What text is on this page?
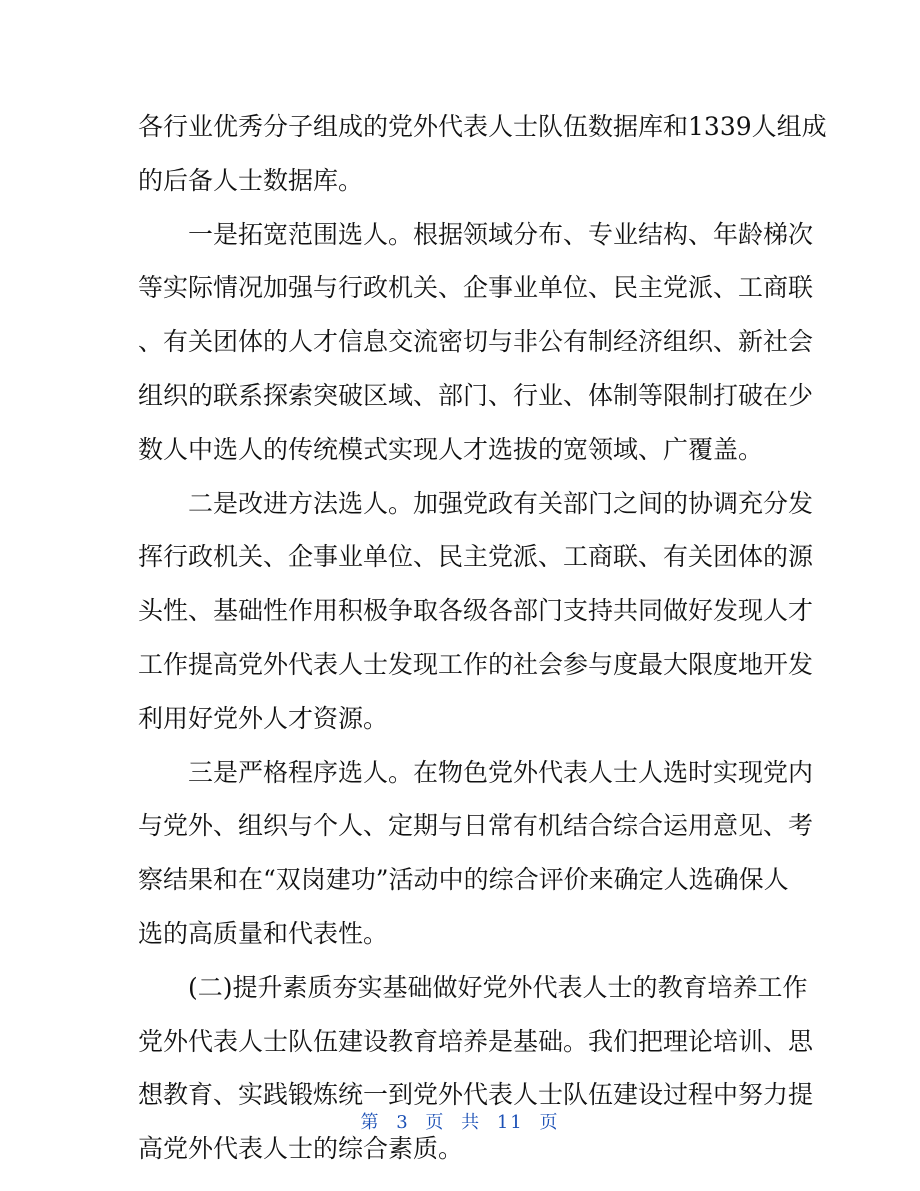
各行业优秀分子组成的党外代表人士队伍数据库和1339人组成
的后备人士数据库。
一是拓宽范围选人。根据领域分布、专业结构、年龄梯次
等实际情况加强与行政机关、企事业单位、民主党派、工商联
、有关团体的人才信息交流密切与非公有制经济组织、新社会
组织的联系探索突破区域、部门、行业、体制等限制打破在少
数人中选人的传统模式实现人才选拔的宽领域、广覆盖。
二是改进方法选人。加强党政有关部门之间的协调充分发
挥行政机关、企事业单位、民主党派、工商联、有关团体的源
头性、基础性作用积极争取各级各部门支持共同做好发现人才
工作提高党外代表人士发现工作的社会参与度最大限度地开发
利用好党外人才资源。
三是严格程序选人。在物色党外代表人士人选时实现党内
与党外、组织与个人、定期与日常有机结合综合运用意见、考
察结果和在“双岗建功”活动中的综合评价来确定人选确保人
选的高质量和代表性。
(二)提升素质夯实基础做好党外代表人士的教育培养工作
党外代表人士队伍建设教育培养是基础。我们把理论培训、思
想教育、实践锻炼统一到党外代表人士队伍建设过程中努力提
高党外代表人士的综合素质。
第 3 页 共 11 页
